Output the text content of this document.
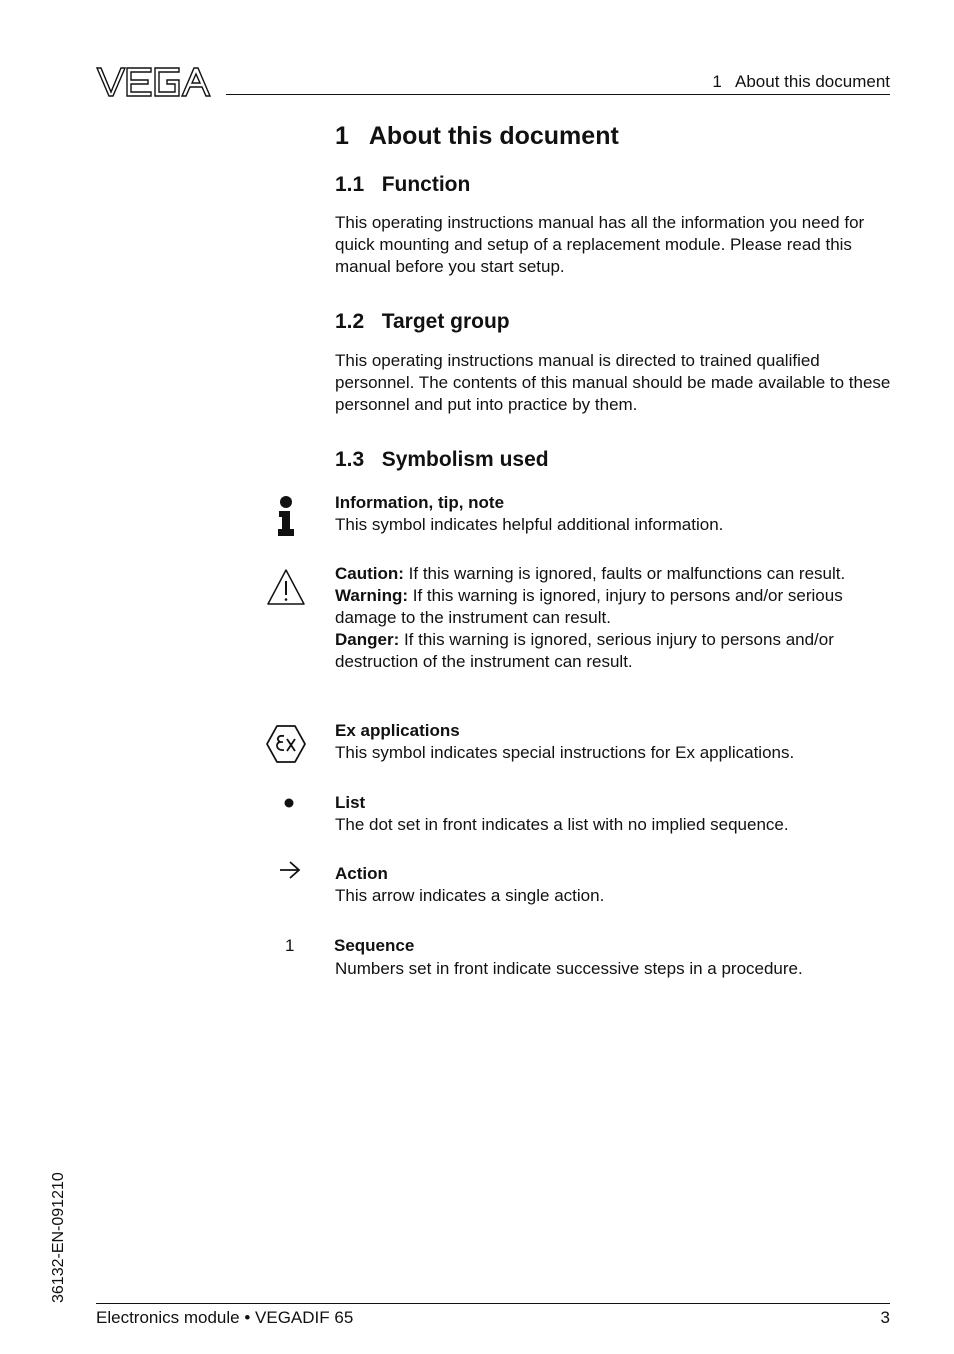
1   About this document
1   About this document
1.1   Function

This operating instructions manual has all the information you need for quick mounting and setup of a replacement module. Please read this manual before you start setup.

1.2   Target group

This operating instructions manual is directed to trained qualified personnel. The contents of this manual should be made available to these personnel and put into practice by them.

1.3   Symbolism used
Information, tip, note
This symbol indicates helpful additional information.
Caution: If this warning is ignored, faults or malfunctions can result.
Warning: If this warning is ignored, injury to persons and/or serious damage to the instrument can result.
Danger: If this warning is ignored, serious injury to persons and/or destruction of the instrument can result.
Ex applications
This symbol indicates special instructions for Ex applications.
List
The dot set in front indicates a list with no implied sequence.
Action
This arrow indicates a single action.
1 Sequence
Numbers set in front indicate successive steps in a procedure.
36132-EN-091210
Electronics module • VEGADIF 65	3
